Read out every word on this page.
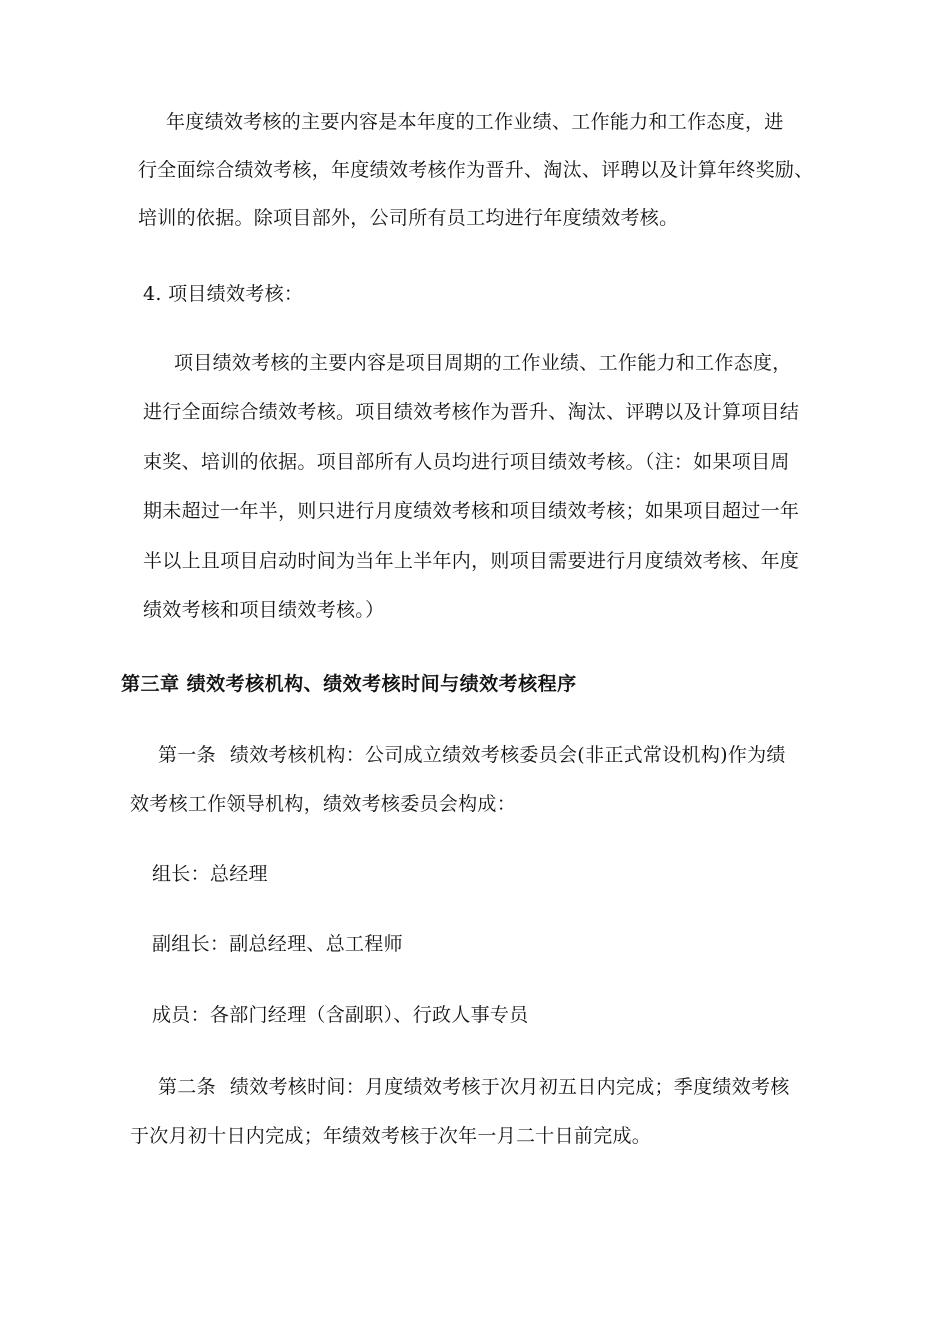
年度绩效考核的主要内容是本年度的工作业绩、工作能力和工作态度，进
行全面综合绩效考核，年度绩效考核作为晋升、淘汰、评聘以及计算年终奖励、
培训的依据。除项目部外，公司所有员工均进行年度绩效考核。
4. 项目绩效考核：
项目绩效考核的主要内容是项目周期的工作业绩、工作能力和工作态度，
进行全面综合绩效考核。项目绩效考核作为晋升、淘汰、评聘以及计算项目结
束奖、培训的依据。项目部所有人员均进行项目绩效考核。（注：如果项目周
期未超过一年半，则只进行月度绩效考核和项目绩效考核；如果项目超过一年
半以上且项目启动时间为当年上半年内，则项目需要进行月度绩效考核、年度
绩效考核和项目绩效考核。）
第三章 绩效考核机构、绩效考核时间与绩效考核程序
第一条 绩效考核机构：公司成立绩效考核委员会(非正式常设机构)作为绩
效考核工作领导机构，绩效考核委员会构成：
组长：总经理
副组长：副总经理、总工程师
成员：各部门经理（含副职）、行政人事专员
第二条 绩效考核时间：月度绩效考核于次月初五日内完成；季度绩效考核
于次月初十日内完成；年绩效考核于次年一月二十日前完成。
